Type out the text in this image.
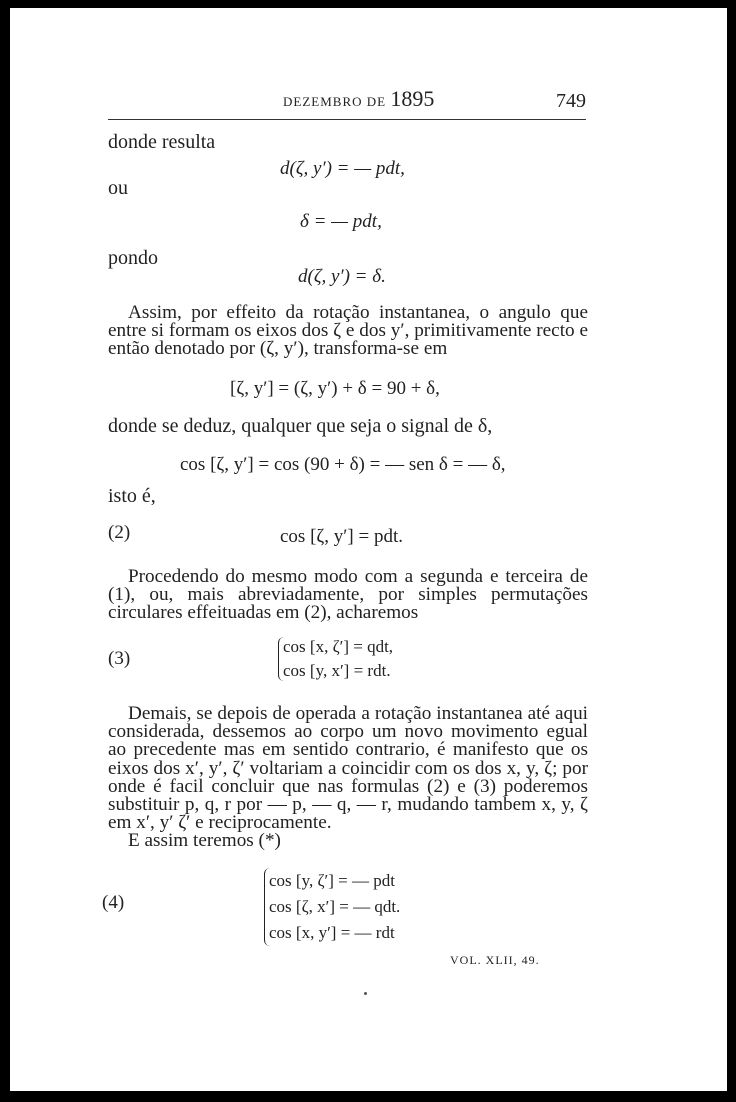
DEZEMBRO DE 1895	749
donde resulta
d(ζ, y′) = — pdt,
ou
δ = — pdt,
pondo
d(ζ, y′) = δ.

Assim, por effeito da rotação instantanea, o angulo que entre si formam os eixos dos ζ e dos y′, primitivamente recto e então denotado por (ζ, y′), transforma-se em

[ζ, y′] = (ζ, y′) + δ = 90 + δ,
donde se deduz, qualquer que seja o signal de δ,
cos [ζ, y′] = cos (90 + δ) = — sen δ = — δ,
isto é,
(2)	cos [ζ, y′] = pdt.

Procedendo do mesmo modo com a segunda e terceira de (1), ou, mais abreviadamente, por simples permutações circulares effeituadas em (2), acharemos

(3)
cos [x, ζ′] = qdt,
cos [y, x′] = rdt.

Demais, se depois de operada a rotação instantanea até aqui considerada, dessemos ao corpo um novo movimento egual ao precedente mas em sentido contrario, é manifesto que os eixos dos x′, y′, ζ′ voltariam a coincidir com os dos x, y, ζ; por onde é facil concluir que nas formulas (2) e (3) poderemos substituir p, q, r por — p, — q, — r, mudando tambem x, y, ζ em x′, y′ ζ′ e reciprocamente.

E assim teremos (*)

(4)
cos [y, ζ′] = — pdt
cos [ζ, x′] = — qdt.
cos [x, y′] = — rdt
VOL. XLII, 49.
